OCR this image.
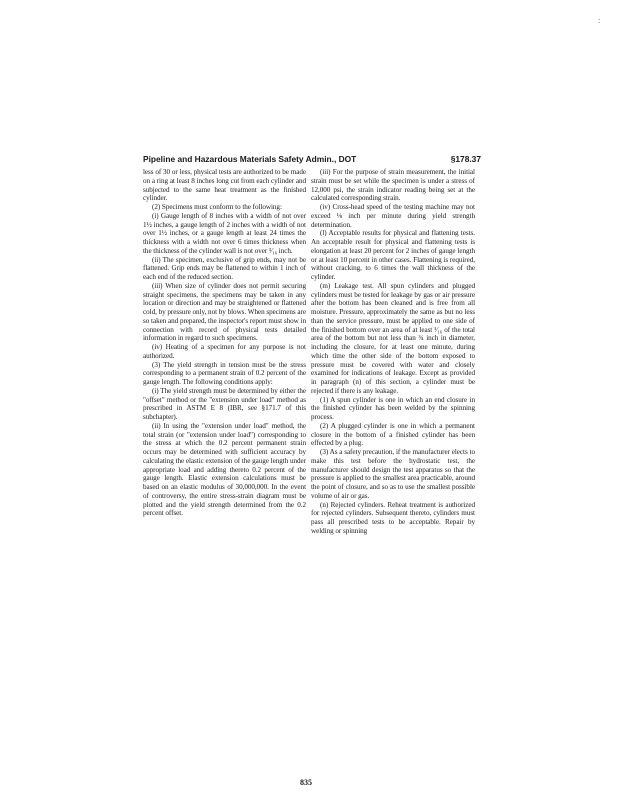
:
Pipeline and Hazardous Materials Safety Admin., DOT	§178.37

less of 30 or less, physical tests are authorized to be made on a ring at least 8 inches long cut from each cylinder and subjected to the same heat treatment as the finished cylinder.

(2) Specimens must conform to the following:

(i) Gauge length of 8 inches with a width of not over 1½ inches, a gauge length of 2 inches with a width of not over 1½ inches, or a gauge length at least 24 times the thickness with a width not over 6 times thickness when the thickness of the cylinder wall is not over ³⁄₁₆ inch.

(ii) The specimen, exclusive of grip ends, may not be flattened. Grip ends may be flattened to within 1 inch of each end of the reduced section.

(iii) When size of cylinder does not permit securing straight specimens, the specimens may be taken in any location or direction and may be straightened or flattened cold, by pressure only, not by blows. When specimens are so taken and prepared, the inspector's report must show in connection with record of physical tests detailed information in regard to such specimens.

(iv) Heating of a specimen for any purpose is not authorized.

(3) The yield strength in tension must be the stress corresponding to a permanent strain of 0.2 percent of the gauge length. The following conditions apply:

(i) The yield strength must be determined by either the "offset" method or the "extension under load" method as prescribed in ASTM E 8 (IBR, see §171.7 of this subchapter).

(ii) In using the "extension under load" method, the total strain (or "extension under load") corresponding to the stress at which the 0.2 percent permanent strain occurs may be determined with sufficient accuracy by calculating the elastic extension of the gauge length under appropriate load and adding thereto 0.2 percent of the gauge length. Elastic extension calculations must be based on an elastic modulus of 30,000,000. In the event of controversy, the entire stress-strain diagram must be plotted and the yield strength determined from the 0.2 percent offset.

(iii) For the purpose of strain measurement, the initial strain must be set while the specimen is under a stress of 12,000 psi, the strain indicator reading being set at the calculated corresponding strain.

(iv) Cross-head speed of the testing machine may not exceed ⅛ inch per minute during yield strength determination.

(l) Acceptable results for physical and flattening tests. An acceptable result for physical and flattening tests is elongation at least 20 percent for 2 inches of gauge length or at least 10 percent in other cases. Flattening is required, without cracking, to 6 times the wall thickness of the cylinder.

(m) Leakage test. All spun cylinders and plugged cylinders must be tested for leakage by gas or air pressure after the bottom has been cleaned and is free from all moisture. Pressure, approximately the same as but no less than the service pressure, must be applied to one side of the finished bottom over an area of at least ¹⁄₁₆ of the total area of the bottom but not less than ¾ inch in diameter, including the closure, for at least one minute, during which time the other side of the bottom exposed to pressure must be covered with water and closely examined for indications of leakage. Except as provided in paragraph (n) of this section, a cylinder must be rejected if there is any leakage.

(1) A spun cylinder is one in which an end closure in the finished cylinder has been welded by the spinning process.

(2) A plugged cylinder is one in which a permanent closure in the bottom of a finished cylinder has been effected by a plug.

(3) As a safety precaution, if the manufacturer elects to make this test before the hydrostatic test, the manufacturer should design the test apparatus so that the pressure is applied to the smallest area practicable, around the point of closure, and so as to use the smallest possible volume of air or gas.

(n) Rejected cylinders. Reheat treatment is authorized for rejected cylinders. Subsequent thereto, cylinders must pass all prescribed tests to be acceptable. Repair by welding or spinning

835
